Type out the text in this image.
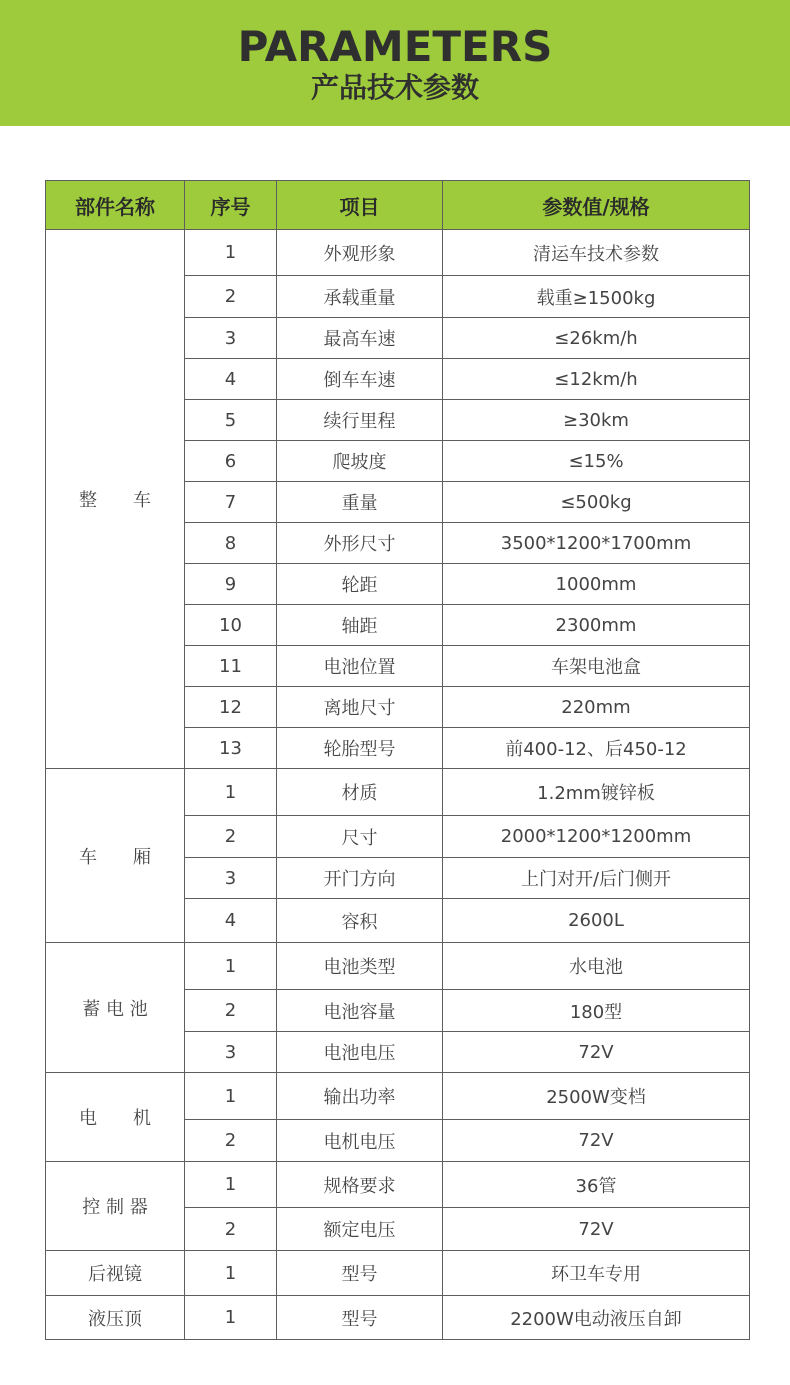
PARAMETERS
产品技术参数
部件名称	序号	项目	参数值/规格
整　　车	1	外观形象	清运车技术参数
	2	承载重量	载重≥1500kg
	3	最高车速	≤26km/h
	4	倒车车速	≤12km/h
	5	续行里程	≥30km
	6	爬坡度	≤15%
	7	重量	≤500kg
	8	外形尺寸	3500*1200*1700mm
	9	轮距	1000mm
	10	轴距	2300mm
	11	电池位置	车架电池盒
	12	离地尺寸	220mm
	13	轮胎型号	前400-12、后450-12
车　　厢	1	材质	1.2mm镀锌板
	2	尺寸	2000*1200*1200mm
	3	开门方向	上门对开/后门侧开
	4	容积	2600L
蓄 电 池	1	电池类型	水电池
	2	电池容量	180型
	3	电池电压	72V
电　　机	1	输出功率	2500W变档
	2	电机电压	72V
控 制 器	1	规格要求	36管
	2	额定电压	72V
后视镜	1	型号	环卫车专用
液压顶	1	型号	2200W电动液压自卸
